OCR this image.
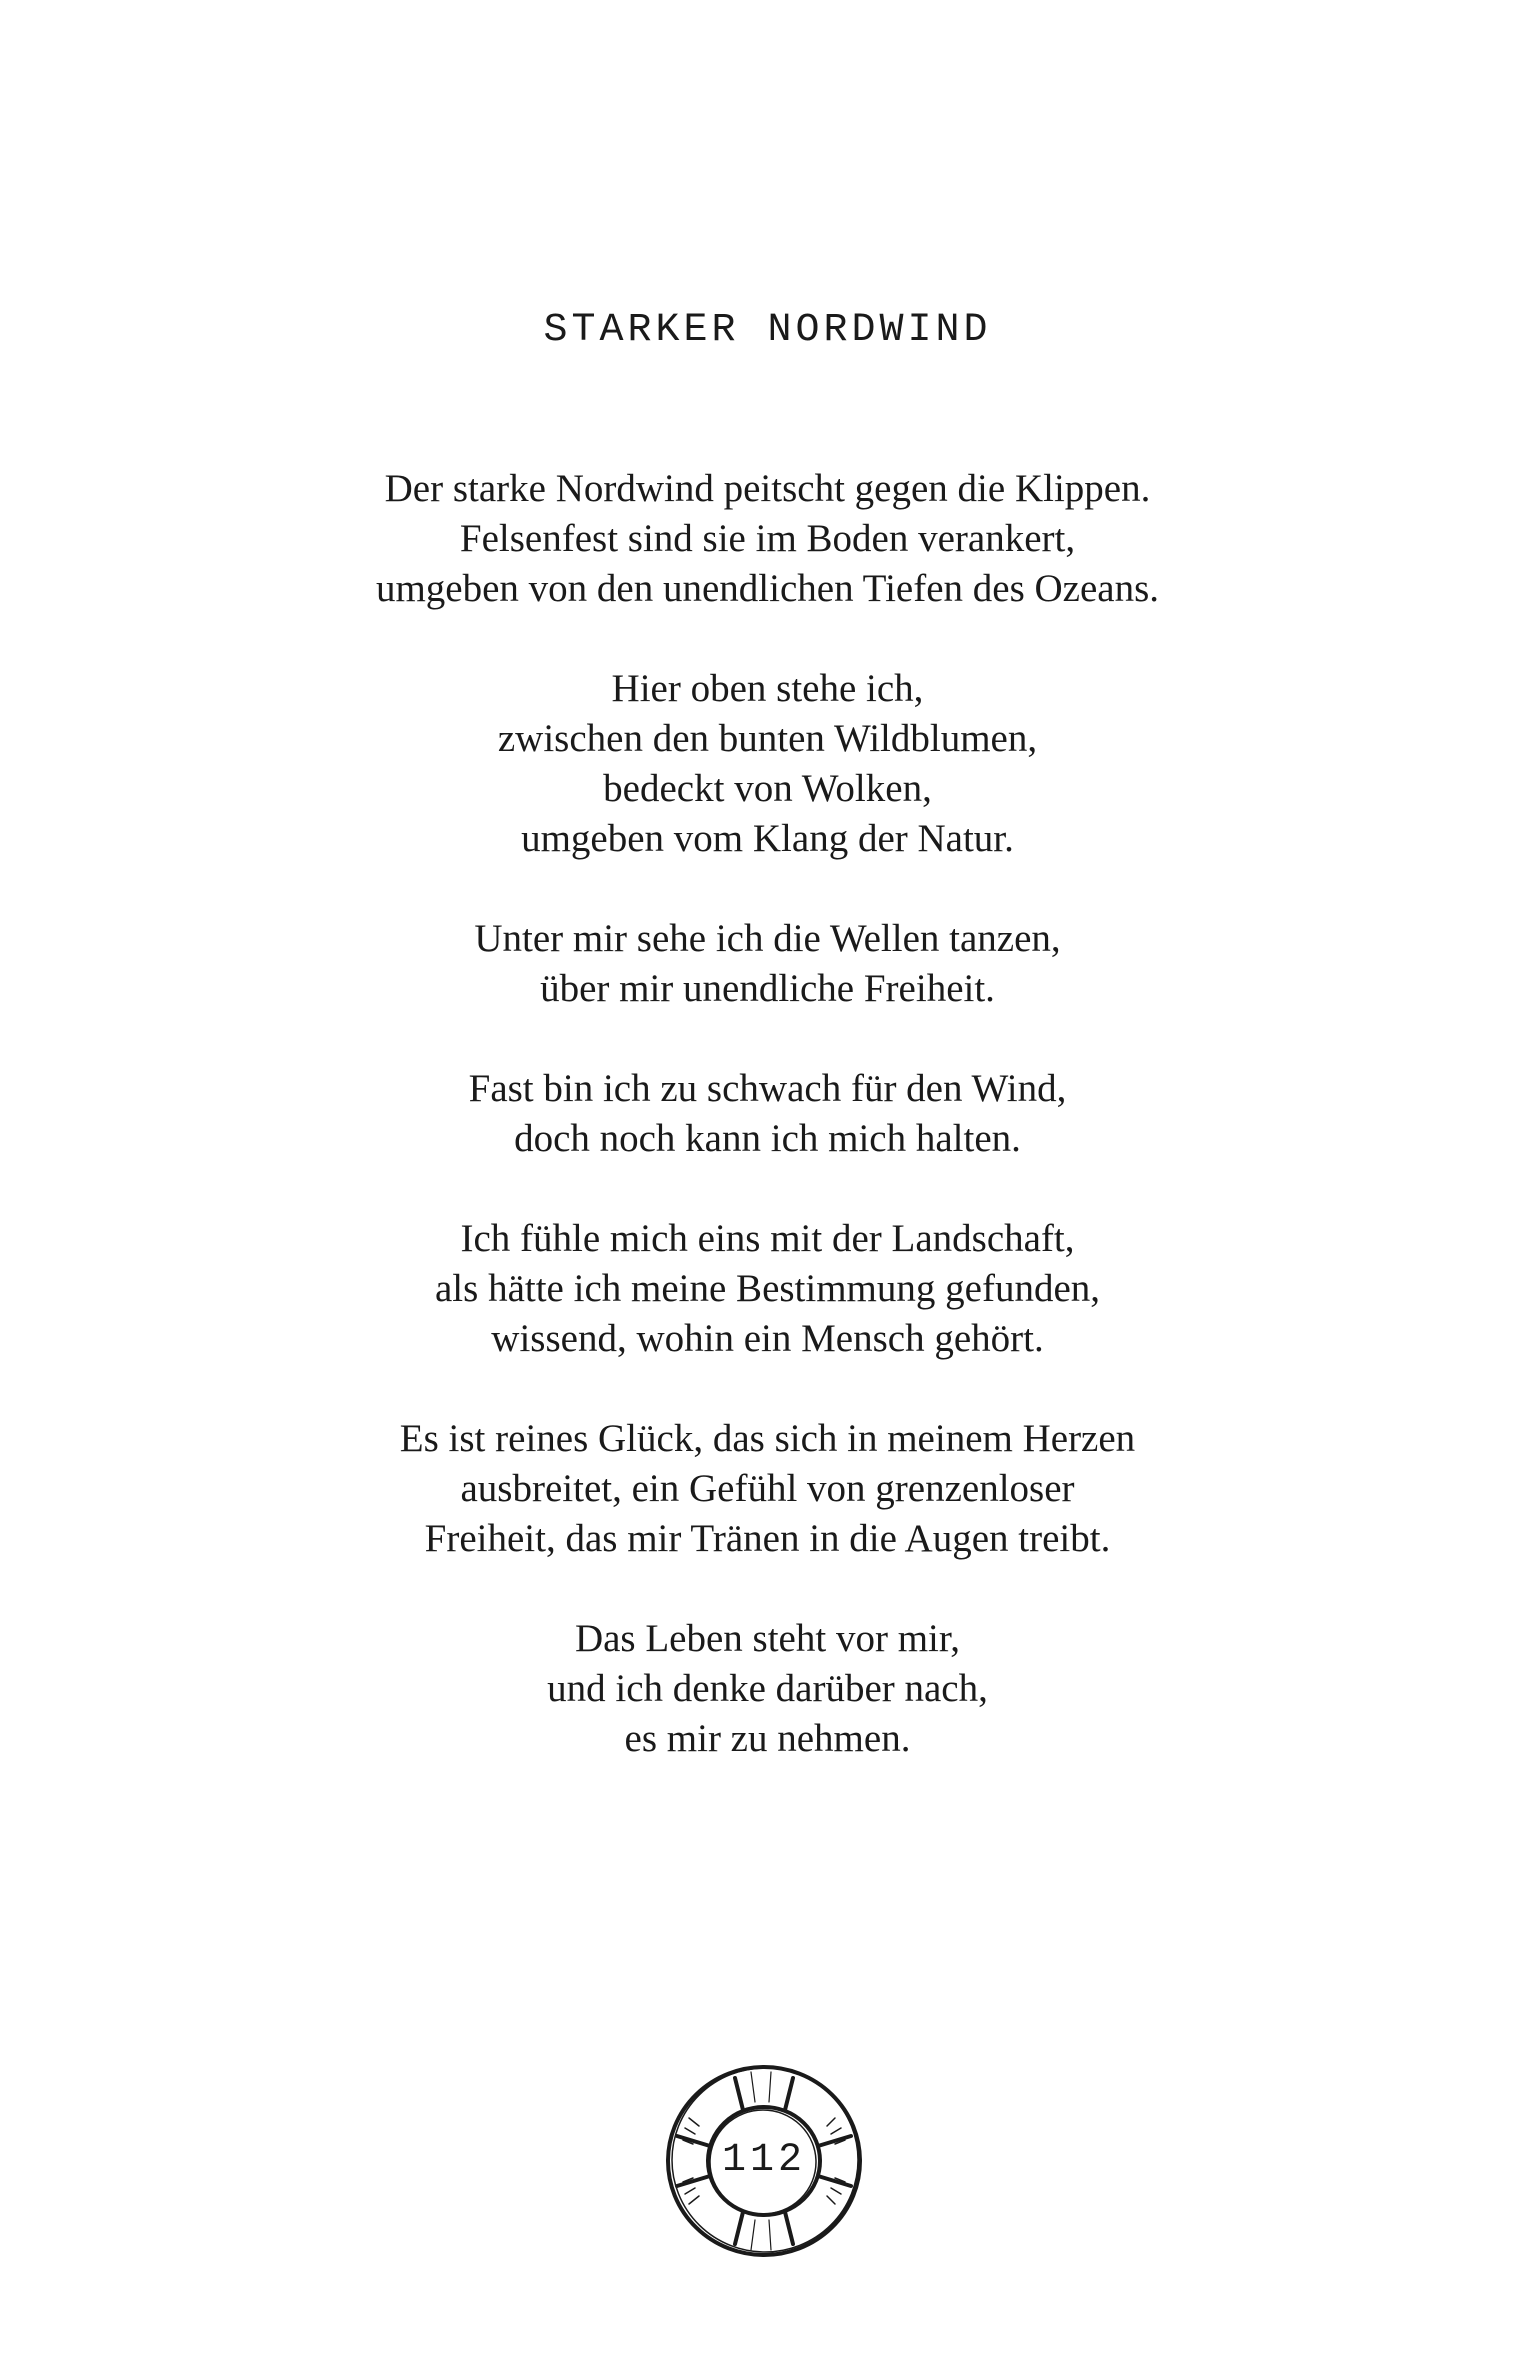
STARKER NORDWIND

Der starke Nordwind peitscht gegen die Klippen.
Felsenfest sind sie im Boden verankert,
umgeben von den unendlichen Tiefen des Ozeans.

Hier oben stehe ich,
zwischen den bunten Wildblumen,
bedeckt von Wolken,
umgeben vom Klang der Natur.

Unter mir sehe ich die Wellen tanzen,
über mir unendliche Freiheit.

Fast bin ich zu schwach für den Wind,
doch noch kann ich mich halten.

Ich fühle mich eins mit der Landschaft,
als hätte ich meine Bestimmung gefunden,
wissend, wohin ein Mensch gehört.

Es ist reines Glück, das sich in meinem Herzen
ausbreitet, ein Gefühl von grenzenloser
Freiheit, das mir Tränen in die Augen treibt.

Das Leben steht vor mir,
und ich denke darüber nach,
es mir zu nehmen.

112
